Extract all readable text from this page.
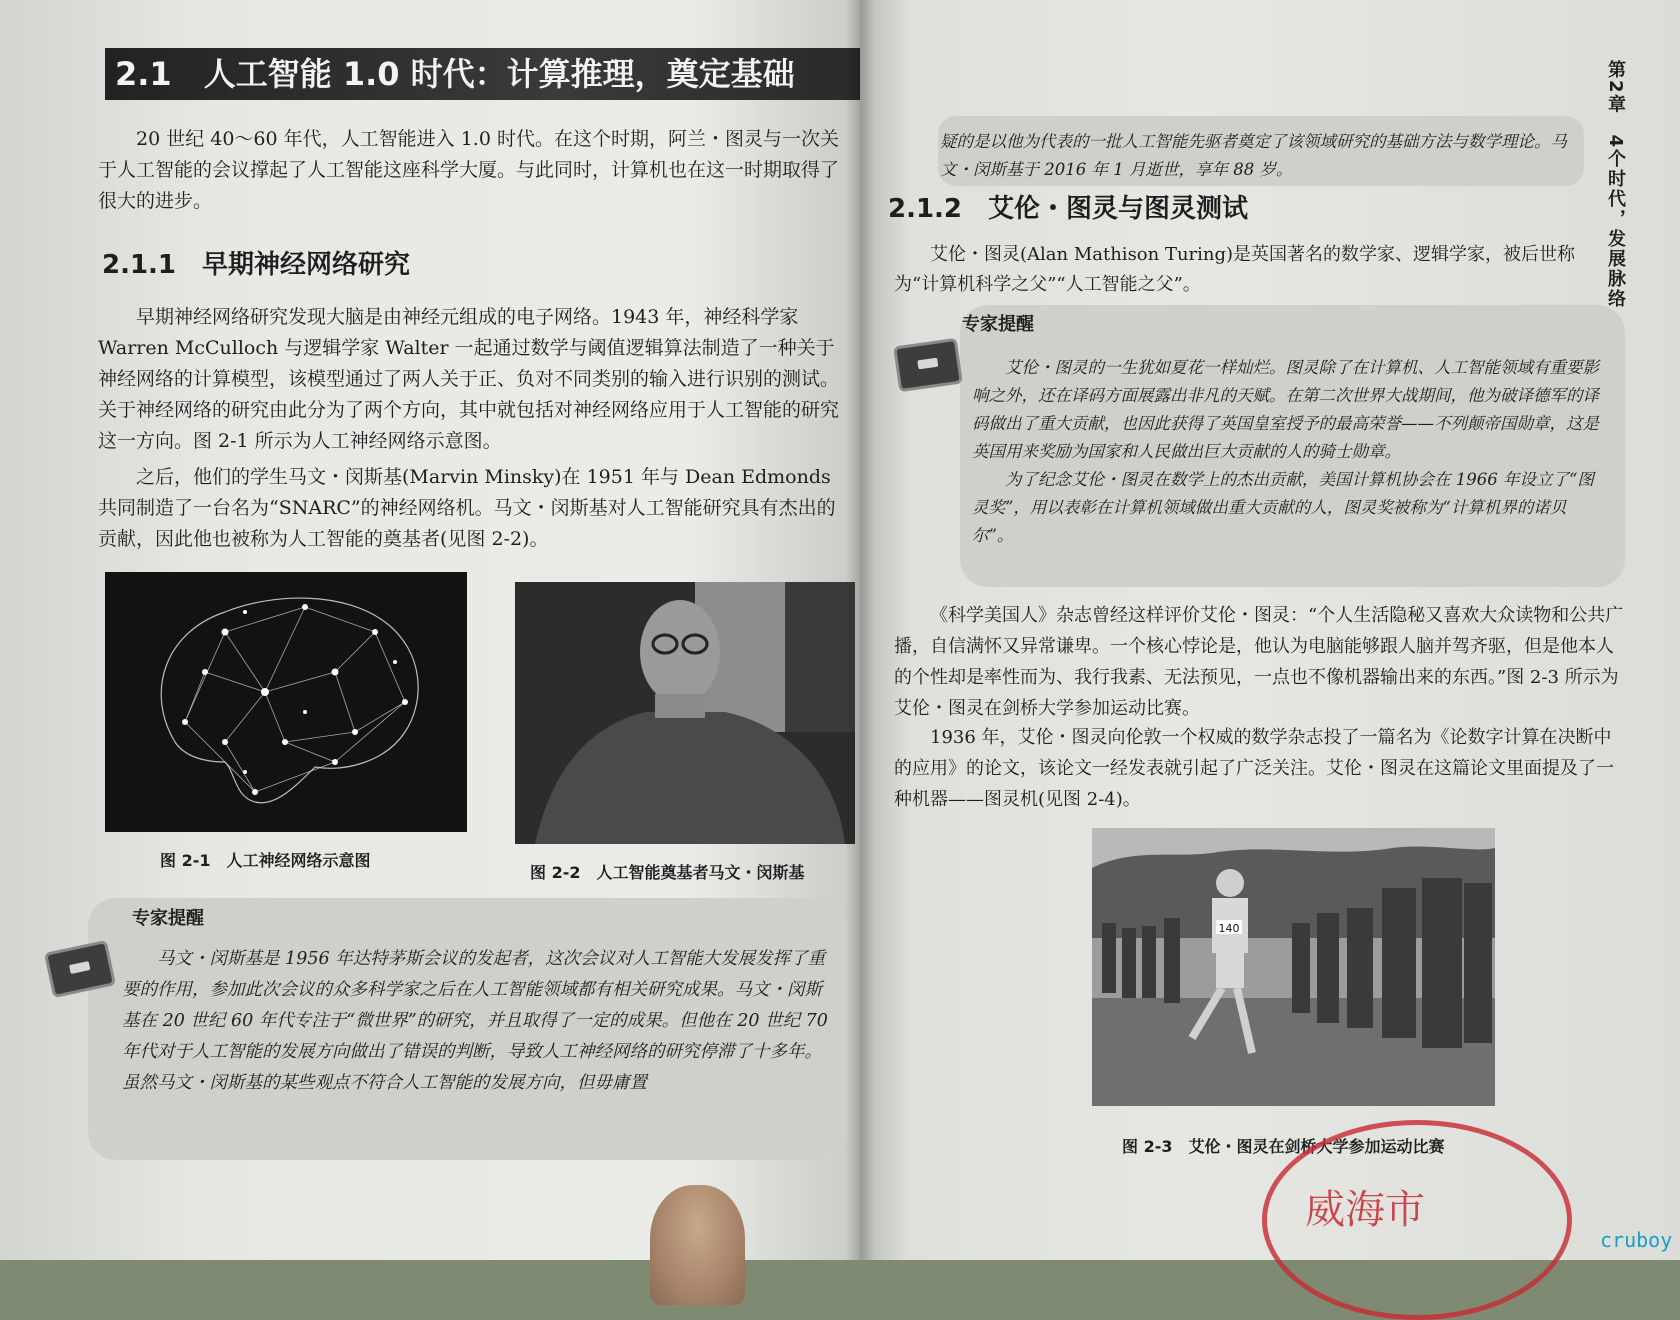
2.1　人工智能 1.0 时代：计算推理，奠定基础

20 世纪 40～60 年代，人工智能进入 1.0 时代。在这个时期，阿兰・图灵与一次关于人工智能的会议撑起了人工智能这座科学大厦。与此同时，计算机也在这一时期取得了很大的进步。

2.1.1　早期神经网络研究

早期神经网络研究发现大脑是由神经元组成的电子网络。1943 年，神经科学家 Warren McCulloch 与逻辑学家 Walter 一起通过数学与阈值逻辑算法制造了一种关于神经网络的计算模型，该模型通过了两人关于正、负对不同类别的输入进行识别的测试。关于神经网络的研究由此分为了两个方向，其中就包括对神经网络应用于人工智能的研究这一方向。图 2-1 所示为人工神经网络示意图。

之后，他们的学生马文・闵斯基(Marvin Minsky)在 1951 年与 Dean Edmonds 共同制造了一台名为“SNARC”的神经网络机。马文・闵斯基对人工智能研究具有杰出的贡献，因此他也被称为人工智能的奠基者(见图 2-2)。

图 2-1　人工神经网络示意图
图 2-2　人工智能奠基者马文・闵斯基
专家提醒

马文・闵斯基是 1956 年达特茅斯会议的发起者，这次会议对人工智能大发展发挥了重要的作用，参加此次会议的众多科学家之后在人工智能领域都有相关研究成果。马文・闵斯基在 20 世纪 60 年代专注于“微世界”的研究，并且取得了一定的成果。但他在 20 世纪 70 年代对于人工智能的发展方向做出了错误的判断，导致人工神经网络的研究停滞了十多年。虽然马文・闵斯基的某些观点不符合人工智能的发展方向，但毋庸置

第2章　4个时代，发展脉络

疑的是以他为代表的一批人工智能先驱者奠定了该领域研究的基础方法与数学理论。马文・闵斯基于 2016 年 1 月逝世，享年 88 岁。

2.1.2　艾伦・图灵与图灵测试

艾伦・图灵(Alan Mathison Turing)是英国著名的数学家、逻辑学家，被后世称为“计算机科学之父”“人工智能之父”。

专家提醒

艾伦・图灵的一生犹如夏花一样灿烂。图灵除了在计算机、人工智能领域有重要影响之外，还在译码方面展露出非凡的天赋。在第二次世界大战期间，他为破译德军的译码做出了重大贡献，也因此获得了英国皇室授予的最高荣誉——不列颠帝国勋章，这是英国用来奖励为国家和人民做出巨大贡献的人的骑士勋章。

为了纪念艾伦・图灵在数学上的杰出贡献，美国计算机协会在 1966 年设立了“图灵奖”，用以表彰在计算机领域做出重大贡献的人，图灵奖被称为“计算机界的诺贝尔”。

《科学美国人》杂志曾经这样评价艾伦・图灵：“个人生活隐秘又喜欢大众读物和公共广播，自信满怀又异常谦卑。一个核心悖论是，他认为电脑能够跟人脑并驾齐驱，但是他本人的个性却是率性而为、我行我素、无法预见，一点也不像机器输出来的东西。”图 2-3 所示为艾伦・图灵在剑桥大学参加运动比赛。

1936 年，艾伦・图灵向伦敦一个权威的数学杂志投了一篇名为《论数字计算在决断中的应用》的论文，该论文一经发表就引起了广泛关注。艾伦・图灵在这篇论文里面提及了一种机器——图灵机(见图 2-4)。

140
图 2-3　艾伦・图灵在剑桥大学参加运动比赛
威海市
cruboy
